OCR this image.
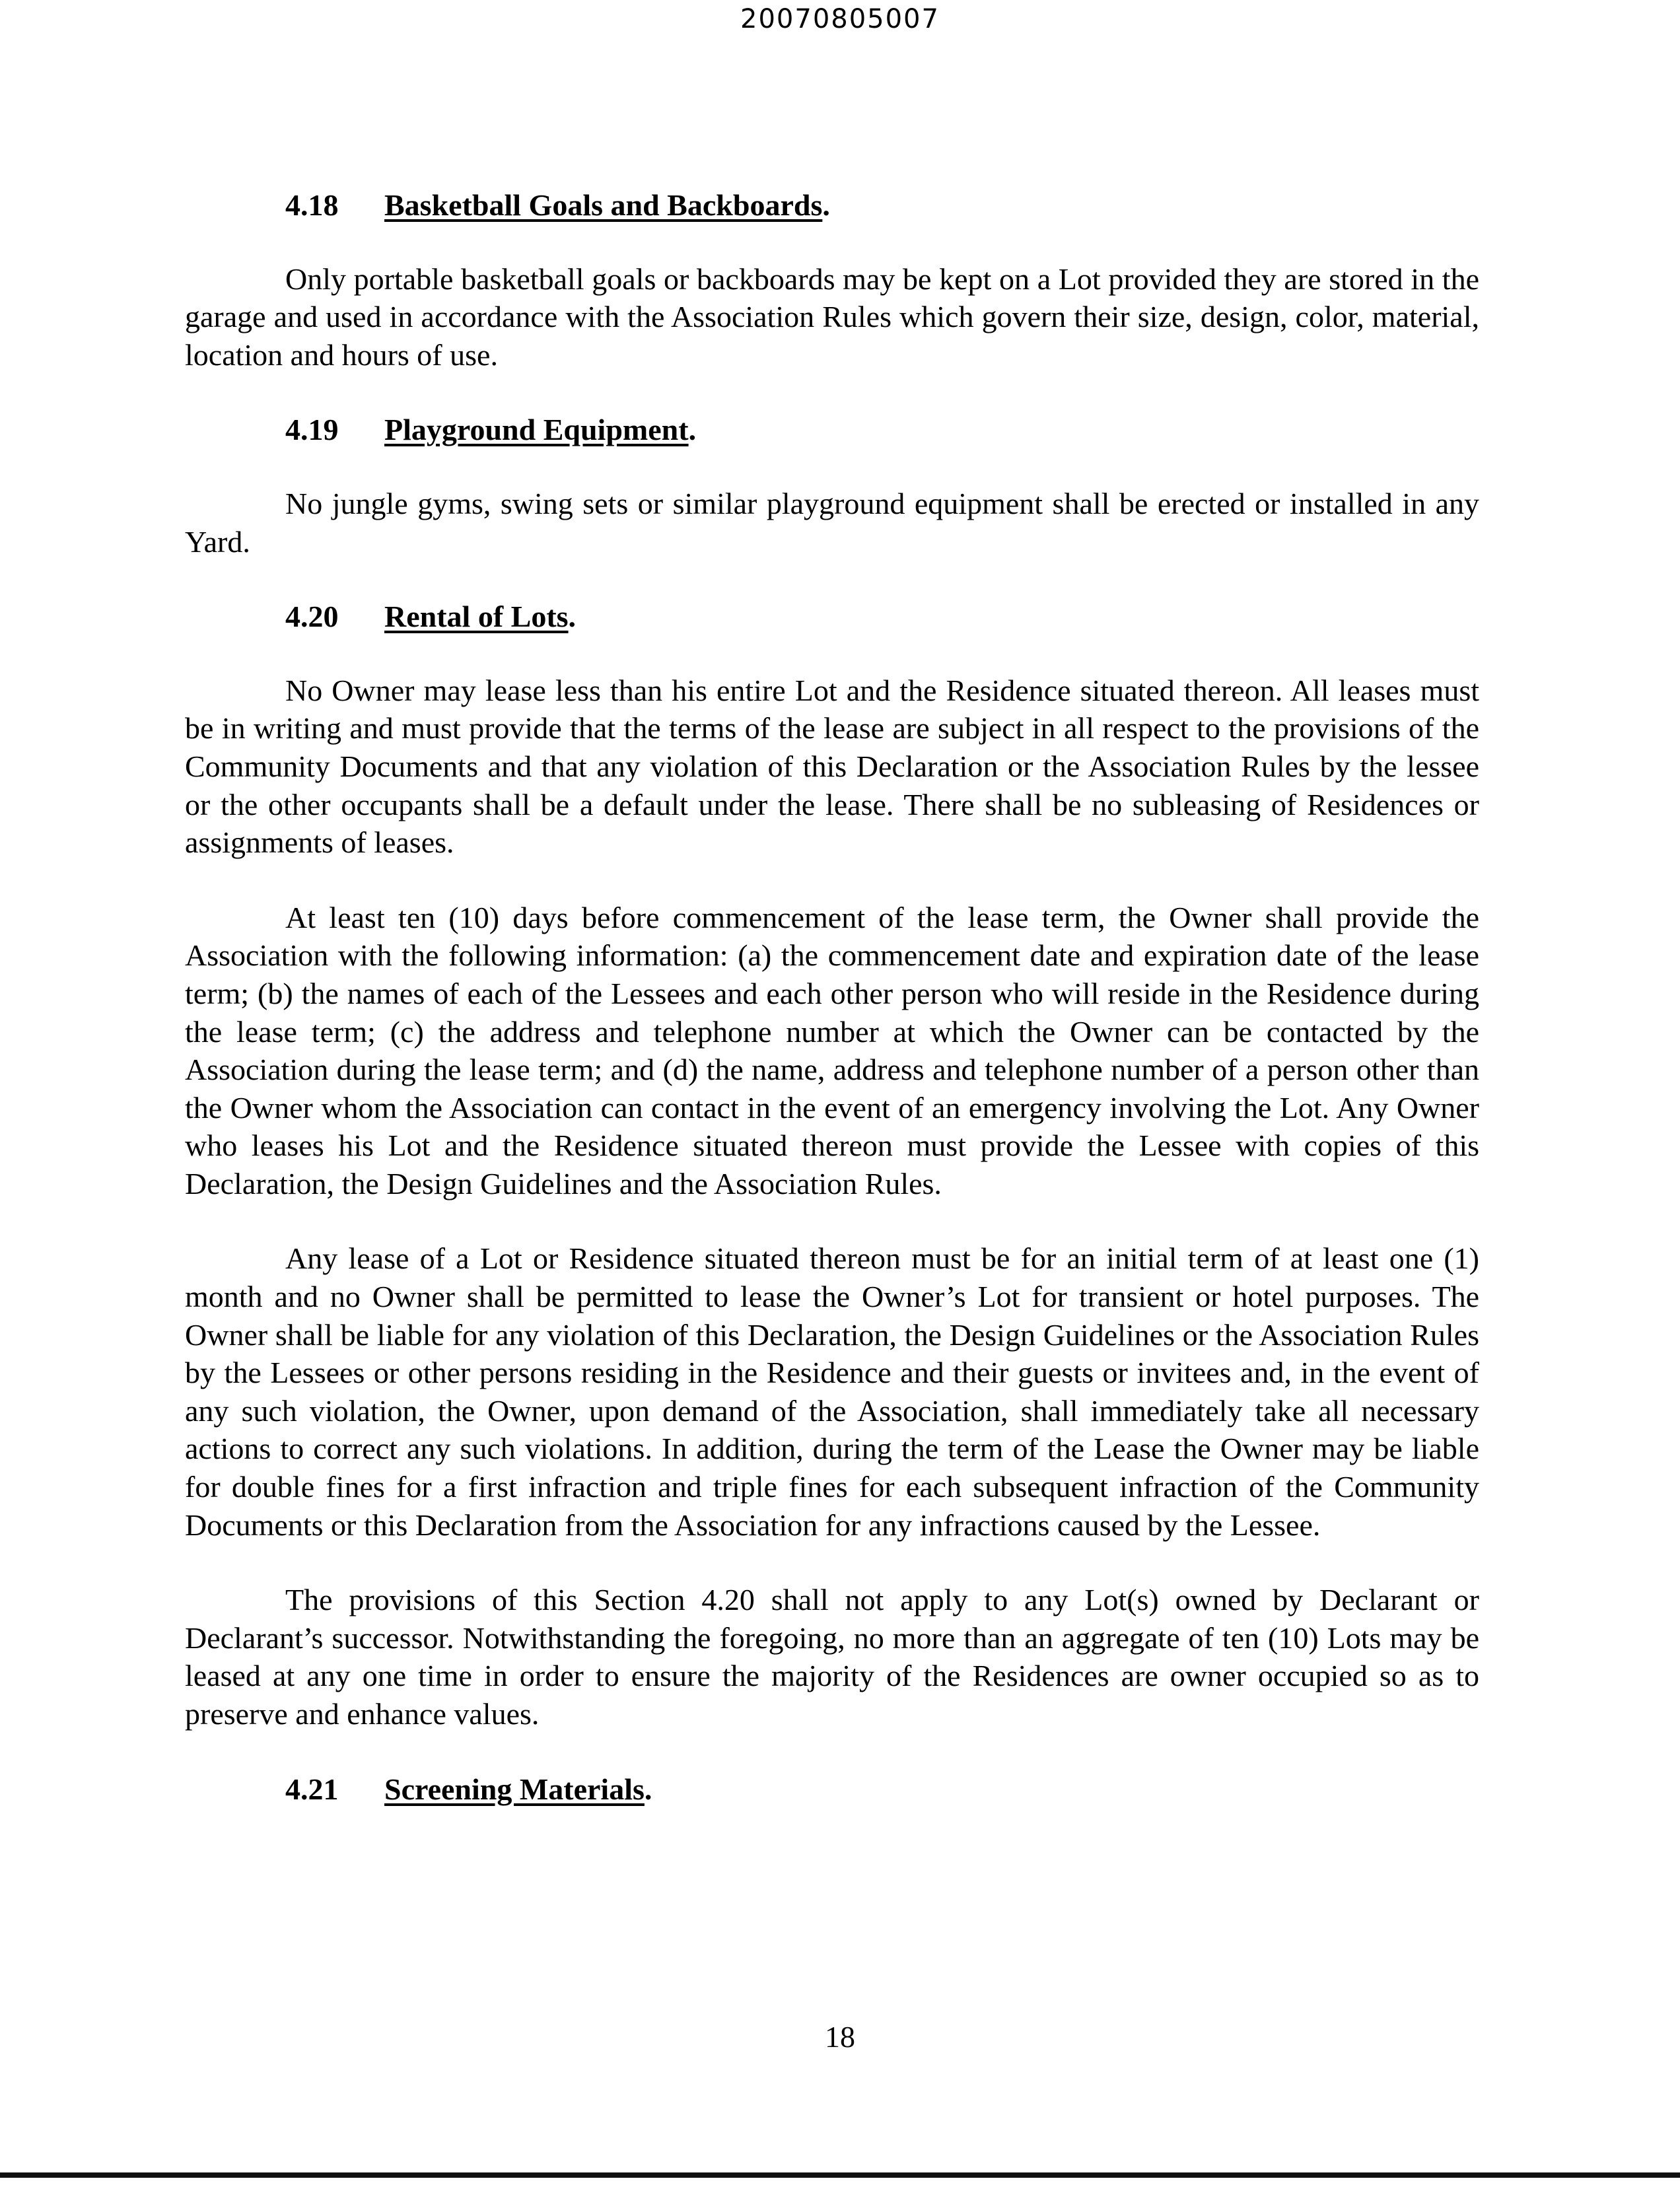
20070805007
4.18 Basketball Goals and Backboards.

Only portable basketball goals or backboards may be kept on a Lot provided they are stored in the garage and used in accordance with the Association Rules which govern their size, design, color, material, location and hours of use.

4.19 Playground Equipment.

No jungle gyms, swing sets or similar playground equipment shall be erected or installed in any Yard.

4.20 Rental of Lots.

No Owner may lease less than his entire Lot and the Residence situated thereon. All leases must be in writing and must provide that the terms of the lease are subject in all respect to the provisions of the Community Documents and that any violation of this Declaration or the Association Rules by the lessee or the other occupants shall be a default under the lease. There shall be no subleasing of Residences or assignments of leases.

At least ten (10) days before commencement of the lease term, the Owner shall provide the Association with the following information: (a) the commencement date and expiration date of the lease term; (b) the names of each of the Lessees and each other person who will reside in the Residence during the lease term; (c) the address and telephone number at which the Owner can be contacted by the Association during the lease term; and (d) the name, address and telephone number of a person other than the Owner whom the Association can contact in the event of an emergency involving the Lot. Any Owner who leases his Lot and the Residence situated thereon must provide the Lessee with copies of this Declaration, the Design Guidelines and the Association Rules.

Any lease of a Lot or Residence situated thereon must be for an initial term of at least one (1) month and no Owner shall be permitted to lease the Owner’s Lot for transient or hotel purposes. The Owner shall be liable for any violation of this Declaration, the Design Guidelines or the Association Rules by the Lessees or other persons residing in the Residence and their guests or invitees and, in the event of any such violation, the Owner, upon demand of the Association, shall immediately take all necessary actions to correct any such violations. In addition, during the term of the Lease the Owner may be liable for double fines for a first infraction and triple fines for each subsequent infraction of the Community Documents or this Declaration from the Association for any infractions caused by the Lessee.

The provisions of this Section 4.20 shall not apply to any Lot(s) owned by Declarant or Declarant’s successor. Notwithstanding the foregoing, no more than an aggregate of ten (10) Lots may be leased at any one time in order to ensure the majority of the Residences are owner occupied so as to preserve and enhance values.

4.21 Screening Materials.
18
